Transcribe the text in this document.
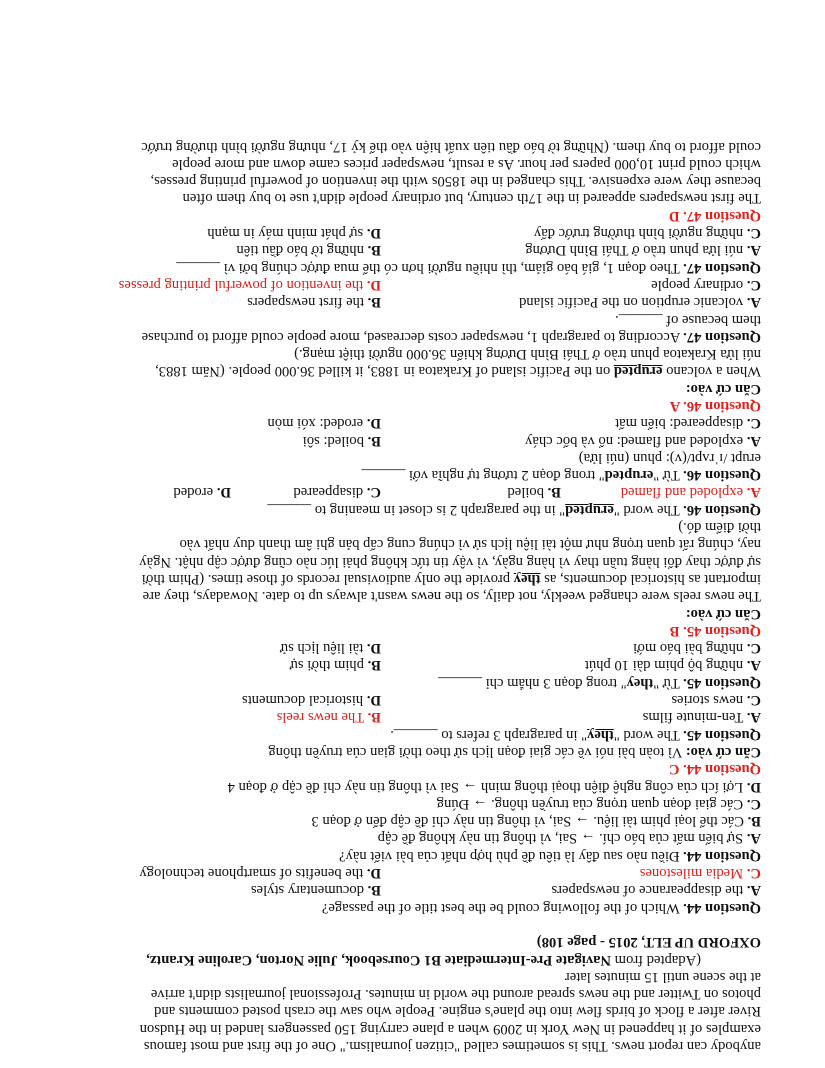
anybody can report news. This is sometimes called "citizen journalism." One of the first and most famous
examples of it happened in New York in 2009 when a plane carrying 150 passengers landed in the Hudson
River after a flock of birds flew into the plane's engine. People who saw the crash posted comments and
photos on Twitter and the news spread around the world in minutes. Professional journalists didn't arrive
at the scene until 15 minutes later
(Adapted from Navigate Pre-Intermediate B1 Coursebook, Julie Norton, Caroline Krantz,
OXFORD UP ELT, 2015 - page 108)
Question 44. Which of the following could be the best title of the passage?
A. the disappearance of newspapers
B. documentary styles
C. Media milestones
D. the benefits of smartphone technology
Question 44. Điều nào sau đây là tiêu đề phù hợp nhất của bài viết này?
A. Sự biến mất của báo chí. → Sai, vì thông tin này không đề cập
B. Các thể loại phim tài liệu. → Sai, vì thông tin này chỉ đề cập đến ở đoạn 3
C. Các giai đoạn quan trọng của truyền thông. → Đúng
D. Lợi ích của công nghệ điện thoại thông minh → Sai vì thông tin này chỉ đề cập ở đoạn 4
Question 44. C
Căn cứ vào: Vì toàn bài nói về các giai đoạn lịch sử theo thời gian của truyền thông
Question 45. The word "they" in paragraph 3 refers to ______.
A. Ten-minute films
B. The news reels
C. news stories
D. historical documents
Question 45. Từ "they" trong đoạn 3 nhắm chỉ ______
A. những bộ phim dài 10 phút
B. phim thời sự
C. những bài báo mới
D. tài liệu lịch sử
Question 45. B
Căn cứ vào:
The news reels were changed weekly, not daily, so the news wasn't always up to date. Nowadays, they are
important as historical documents, as they provide the only audiovisual records of those times. (Phim thời
sự được thay đổi hàng tuần thay vì hàng ngày, vì vậy tin tức không phải lúc nào cũng được cập nhật. Ngày
nay, chúng rất quan trọng như một tài liệu lịch sử vì chúng cung cấp bản ghi âm thanh duy nhất vào
thời điểm đó.)
Question 46. The word "erupted" in the paragraph 2 is closet in meaning to ______
A. exploded and flamed
B. boiled
C. disappeared
D. eroded
Question 46. Từ "erupted" trong đoạn 2 tương tự nghĩa với ______
erupt /ɪˈrʌpt/(v): phun (núi lửa)
A. exploded and flamed: nổ và bốc cháy
B. boiled: sôi
C. disappeared: biến mất
D. eroded: xói mòn
Question 46. A
Căn cứ vào:
When a volcano erupted on the Pacific island of Krakatoa in 1883, it killed 36.000 people. (Năm 1883,
núi lửa Krakatoa phun trào ở Thái Bình Dương khiến 36.000 người thiệt mạng.)
Question 47. According to paragraph 1, newspaper costs decreased, more people could afford to purchase
them because of ______.
A. volcanic eruption on the Pacific island
B. the first newspapers
C. ordinary people
D. the invention of powerful printing presses
Question 47. Theo đoạn 1, giá báo giảm, thì nhiều người hơn có thể mua được chúng bởi vì ______
A. núi lửa phun trào ở Thái Bình Dương
B. những tờ báo đầu tiên
C. những người bình thường trước đấy
D. sự phát minh máy in mạnh
Question 47. D
The first newspapers appeared in the 17th century, but ordinary people didn't use to buy them often
because they were expensive. This changed in the 1850s with the invention of powerful printing presses,
which could print 10,000 papers per hour. As a result, newspaper prices came down and more people
could afford to buy them. (Những tờ báo đầu tiên xuất hiện vào thế kỷ 17, nhưng người bình thường trước
